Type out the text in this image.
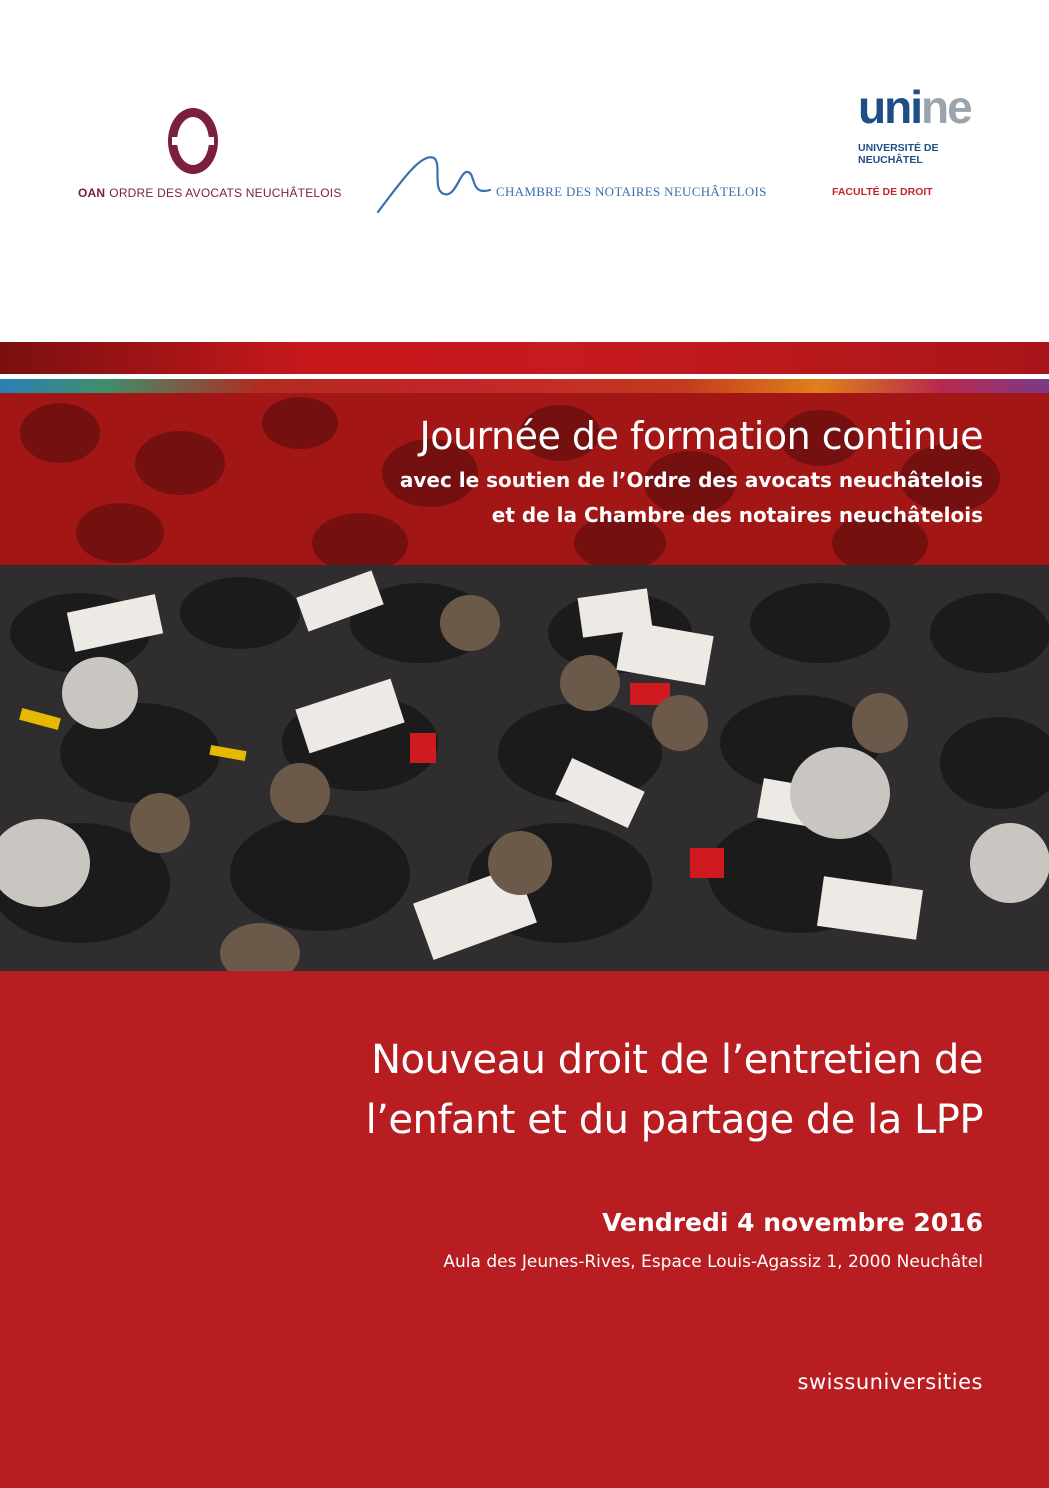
OAN ORDRE DES AVOCATS NEUCHÂTELOIS	CHAMBRE DES NOTAIRES NEUCHÂTELOIS
unine
UNIVERSITÉ DE
NEUCHÂTEL
FACULTÉ DE DROIT
Journée de formation continue
avec le soutien de l’Ordre des avocats neuchâtelois
et de la Chambre des notaires neuchâtelois
Nouveau droit de l’entretien de
l’enfant et du partage de la LPP
Vendredi 4 novembre 2016
Aula des Jeunes-Rives, Espace Louis-Agassiz 1, 2000 Neuchâtel
swissuniversities
